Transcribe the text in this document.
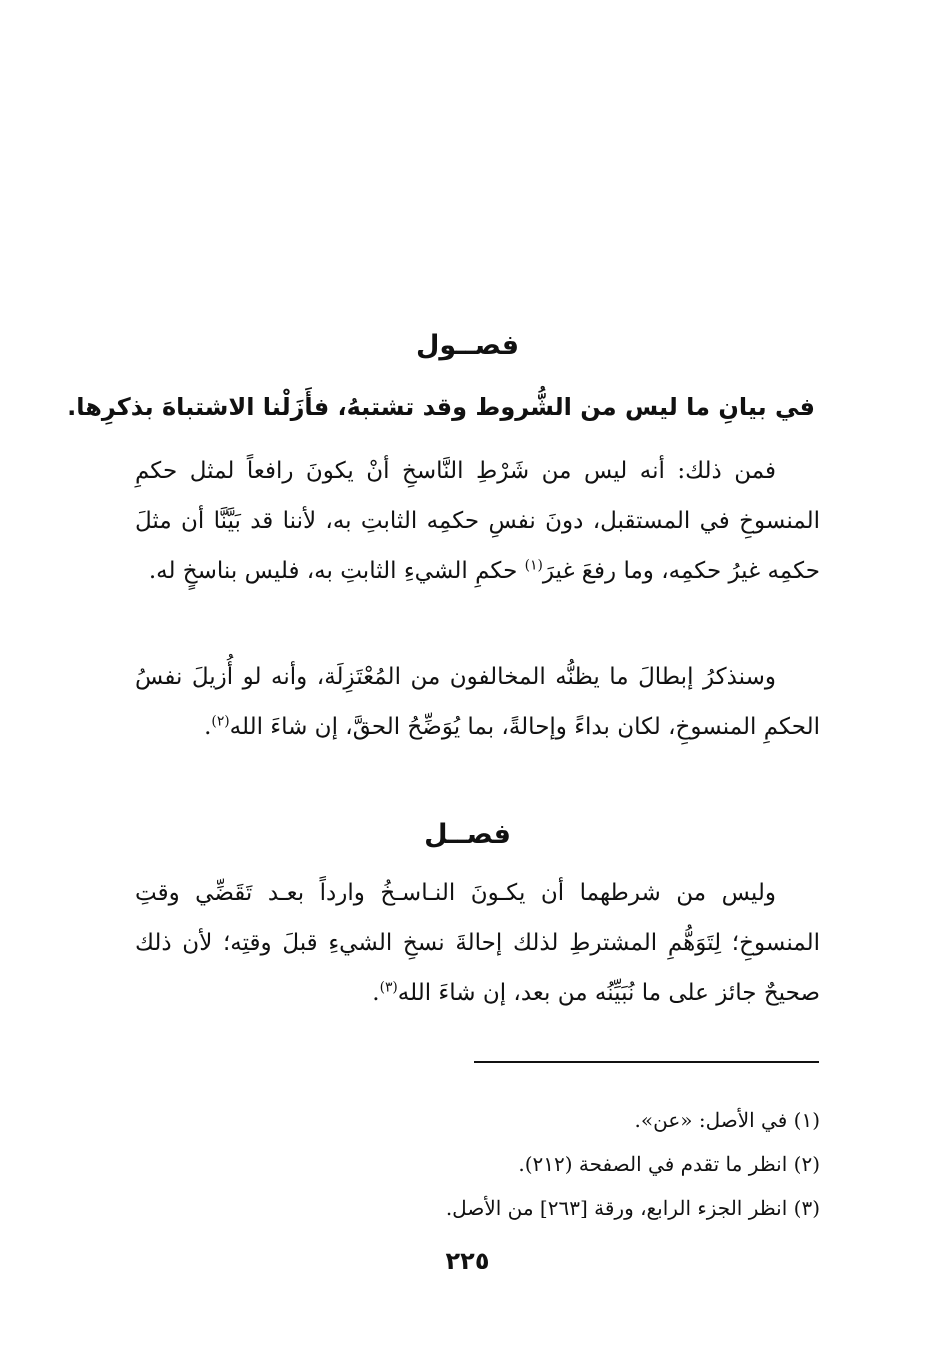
فصــول
في بيانِ ما ليس من الشُّروط وقد تشتبهُ، فأَزَلْنا الاشتباهَ بذكرِها.
فمن ذلك: أنه ليس من شَرْطِ النَّاسخِ أنْ يكونَ رافعاً لمثل حكمِ المنسوخِ في المستقبل، دونَ نفسِ حكمِه الثابتِ به، لأننا قد بَيَّنَّا أن مثلَ حكمِه غيرُ حكمِه، وما رفعَ غيرَ$^{(١)}$ حكمِ الشيءِ الثابتِ به، فليس بناسخٍ له.
وسنذكرُ إبطالَ ما يظنُّه المخالفون من المُعْتَزِلَة، وأنه لو أُزيلَ نفسُ الحكمِ المنسوخِ، لكان بداءً وإحالةً، بما يُوَضِّحُ الحقَّ، إن شاءَ الله$^{(٢)}$.
فصــل
وليس من شرطهما أن يكـونَ النـاسـخُ وارداً بعـد تَقَضِّي وقتِ المنسوخِ؛ لِتَوَهُّمِ المشترطِ لذلك إحالةَ نسخِ الشيءِ قبلَ وقتِه؛ لأن ذلك صحيحٌ جائز على ما نُبَيِّنُه من بعد، إن شاءَ الله$^{(٣)}$.
(١) في الأصل: «عن».
(٢) انظر ما تقدم في الصفحة (٢١٢).
(٣) انظر الجزء الرابع، ورقة [٢٦٣] من الأصل.
٢٢٥
